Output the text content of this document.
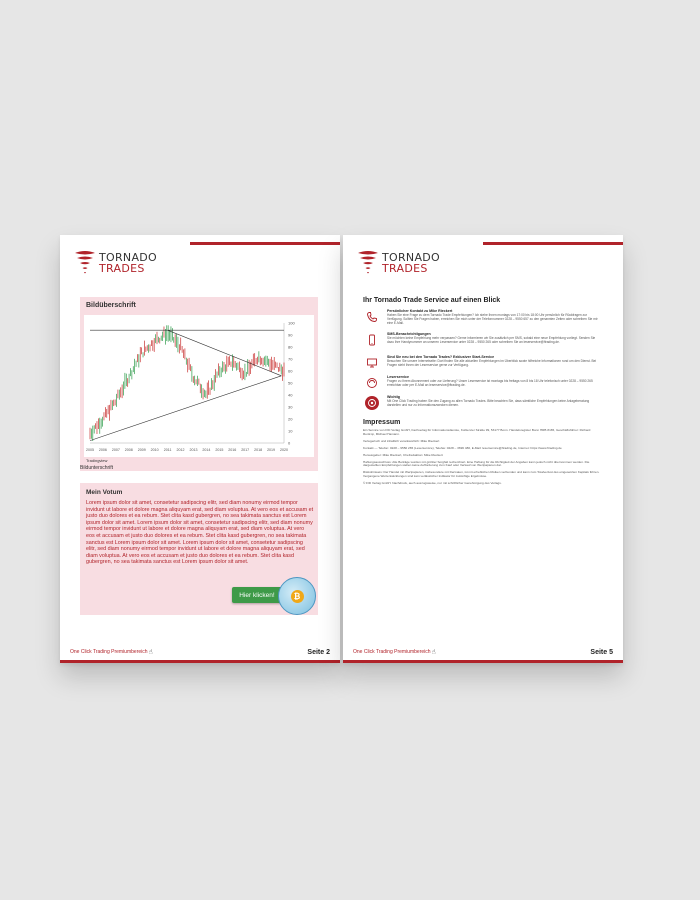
TORNADO
TRADES
Bildüberschrift
100
90
80
70
60
50
40
30
20
10
0
2005 2006 2007 2008 2009 2010 2011 2012 2013 2014 2015 2016 2017 2018 2019 2020
Tradingview
Bildunterschrift
Mein Votum

Lorem ipsum dolor sit amet, consetetur sadipscing elitr, sed diam nonumy eirmod tempor invidunt ut labore et dolore magna aliquyam erat, sed diam voluptua. At vero eos et accusam et justo duo dolores et ea rebum. Stet clita kasd gubergren, no sea takimata sanctus est Lorem ipsum dolor sit amet. Lorem ipsum dolor sit amet, consetetur sadipscing elitr, sed diam nonumy eirmod tempor invidunt ut labore et dolore magna aliquyam erat, sed diam voluptua. At vero eos et accusam et justo duo dolores et ea rebum. Stet clita kasd gubergren, no sea takimata sanctus est Lorem ipsum dolor sit amet. Lorem ipsum dolor sit amet, consetetur sadipscing elitr, sed diam nonumy eirmod tempor invidunt ut labore et dolore magna aliquyam erat, sed diam voluptua. At vero eos et accusam et justo duo dolores et ea rebum. Stet clita kasd gubergren, no sea takimata sanctus est Lorem ipsum dolor sit amet.

Hier klicken!	₿
One Click Trading Premiumbereich ☝	Seite 2
TORNADO
TRADES
Ihr Tornado Trade Service auf einen Blick
Persönlicher Kontakt zu Mike Rieckert
Haben Sie eine Frage zu dem Tornado Trade Empfehlungen? Ich stehe Ihnen montags von 17:00 bis 18:00 Uhr persönlich für Rückfragen zur Verfügung. Sollten Sie Fragen haben, erreichen Sie mich unter der Telefonnummer 0228 – 9550 657 zu den genannten Zeiten oder schreiben Sie mir eine E-Mail.
SMS-Benachrichtigungen
Sie möchten keine Empfehlung mehr verpassen? Gerne informieren wir Sie zusätzlich per SMS, sobald eine neue Empfehlung vorliegt. Senden Sie dazu Ihre Handynummer an unseren Leserservice unter 0228 – 9550 265 oder schreiben Sie an leserservice@ftrading.de.
Sind Sie neu bei den Tornado Trades? Exklusiver Start-Service
Besuchen Sie unsere Internetseite: Dort finden Sie alle aktuellen Empfehlungen im Überblick sowie hilfreiche Informationen rund um den Dienst. Bei Fragen steht Ihnen der Leserservice gerne zur Verfügung.
Leserservice
Fragen zu Ihrem Abonnement oder zur Lieferung? Unser Leserservice ist montags bis freitags von 8 bis 18 Uhr telefonisch unter 0228 – 9550 265 erreichbar oder per E-Mail an leserservice@ftrading.de.
Wichtig
Mit One Click Trading haben Sie den Zugang zu allen Tornado Trades. Bitte beachten Sie, dass sämtliche Empfehlungen keine Anlageberatung darstellen und nur zu Informationszwecken dienen.
Impressum

Ein Service von FID Verlag GmbH, Fachverlag für Informationsdienste, Koblenzer Straße 99, 53177 Bonn. Handelsregister Bonn HRB 8165, Geschäftsführer: Richard Rentrop, Michael Hamann.

Verlegerisch und inhaltlich verantwortlich: Mike Rieckert

Kontakt — Telefon: 0228 – 9550 265 (Leserservice), Telefax: 0228 – 3696 480, E-Mail: leserservice@ftrading.de, Internet: https://www.ftrading.de

Herausgeber: Mike Rieckert, Chefredaktion: Mike Rieckert

Haftungsausschluss: Alle Beiträge wurden mit größter Sorgfalt recherchiert. Eine Haftung für die Richtigkeit der Angaben kann jedoch nicht übernommen werden. Die dargestellten Empfehlungen stellen keine Aufforderung zum Kauf oder Verkauf von Wertpapieren dar.

Risikohinweis: Der Handel mit Wertpapieren, insbesondere mit Derivaten, ist mit erheblichen Risiken verbunden und kann zum Totalverlust des eingesetzten Kapitals führen. Vergangene Wertentwicklungen sind kein verlässlicher Indikator für zukünftige Ergebnisse.

© FID Verlag GmbH. Nachdruck, auch auszugsweise, nur mit schriftlicher Genehmigung des Verlags.

One Click Trading Premiumbereich ☝	Seite 5
